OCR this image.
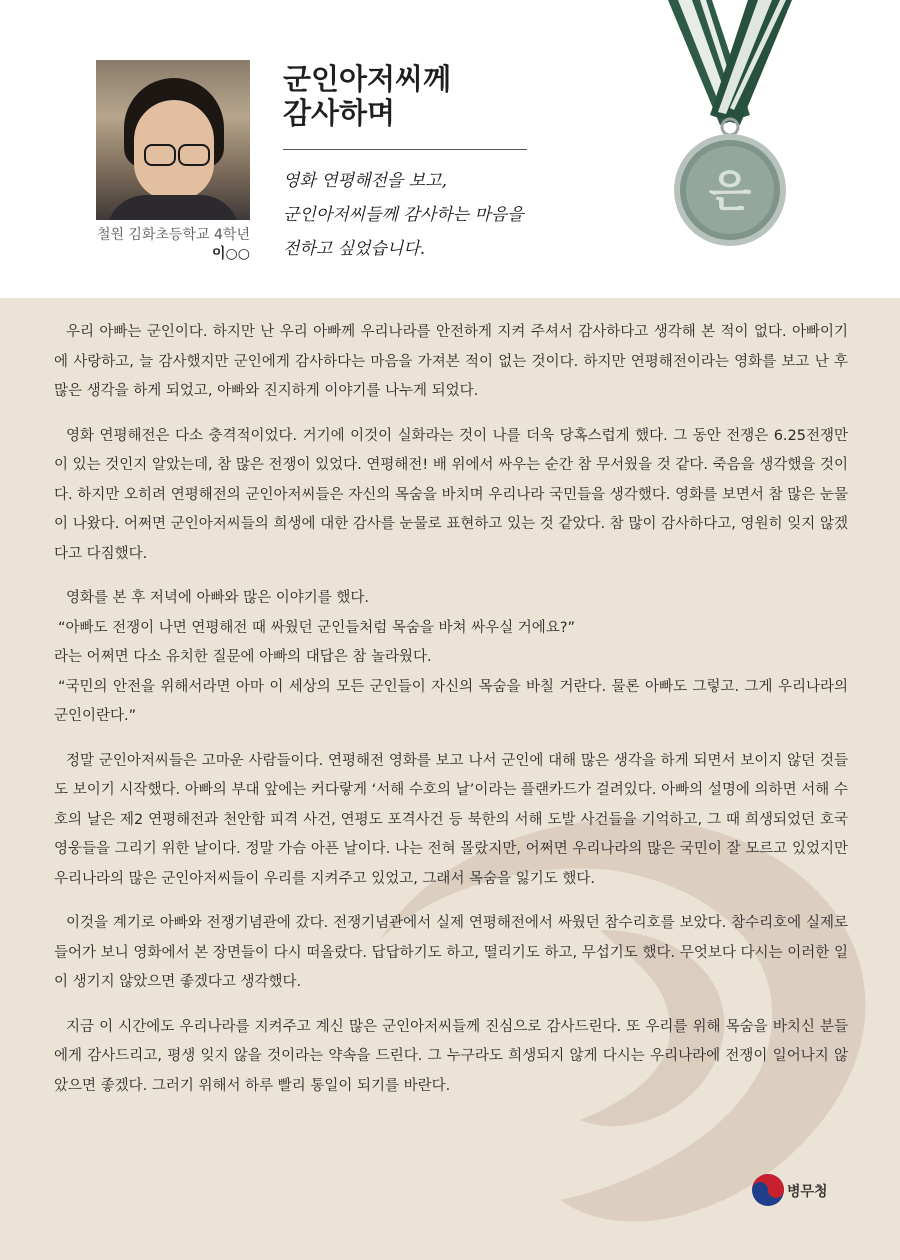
철원 김화초등학교 4학년
이○○
군인아저씨께
감사하며
영화 연평해전을 보고,
군인아저씨들께 감사하는 마음을
전하고 싶었습니다.
은

우리 아빠는 군인이다. 하지만 난 우리 아빠께 우리나라를 안전하게 지켜 주셔서 감사하다고 생각해 본 적이 없다. 아빠이기에 사랑하고, 늘 감사했지만 군인에게 감사하다는 마음을 가져본 적이 없는 것이다. 하지만 연평해전이라는 영화를 보고 난 후 많은 생각을 하게 되었고, 아빠와 진지하게 이야기를 나누게 되었다.

영화 연평해전은 다소 충격적이었다. 거기에 이것이 실화라는 것이 나를 더욱 당혹스럽게 했다. 그 동안 전쟁은 6.25전쟁만이 있는 것인지 알았는데, 참 많은 전쟁이 있었다. 연평해전! 배 위에서 싸우는 순간 참 무서웠을 것 같다. 죽음을 생각했을 것이다. 하지만 오히려 연평해전의 군인아저씨들은 자신의 목숨을 바치며 우리나라 국민들을 생각했다. 영화를 보면서 참 많은 눈물이 나왔다. 어쩌면 군인아저씨들의 희생에 대한 감사를 눈물로 표현하고 있는 것 같았다. 참 많이 감사하다고, 영원히 잊지 않겠다고 다짐했다.

영화를 본 후 저녁에 아빠와 많은 이야기를 했다.

“아빠도 전쟁이 나면 연평해전 때 싸웠던 군인들처럼 목숨을 바쳐 싸우실 거에요?”

라는 어쩌면 다소 유치한 질문에 아빠의 대답은 참 놀라웠다.

“국민의 안전을 위해서라면 아마 이 세상의 모든 군인들이 자신의 목숨을 바칠 거란다. 물론 아빠도 그렇고. 그게 우리나라의 군인이란다.”

정말 군인아저씨들은 고마운 사람들이다. 연평해전 영화를 보고 나서 군인에 대해 많은 생각을 하게 되면서 보이지 않던 것들도 보이기 시작했다. 아빠의 부대 앞에는 커다랗게 ‘서해 수호의 날’이라는 플랜카드가 걸려있다. 아빠의 설명에 의하면 서해 수호의 날은 제2 연평해전과 천안함 피격 사건, 연평도 포격사건 등 북한의 서해 도발 사건들을 기억하고, 그 때 희생되었던 호국영웅들을 그리기 위한 날이다. 정말 가슴 아픈 날이다. 나는 전혀 몰랐지만, 어쩌면 우리나라의 많은 국민이 잘 모르고 있었지만 우리나라의 많은 군인아저씨들이 우리를 지켜주고 있었고, 그래서 목숨을 잃기도 했다.

이것을 계기로 아빠와 전쟁기념관에 갔다. 전쟁기념관에서 실제 연평해전에서 싸웠던 참수리호를 보았다. 참수리호에 실제로 들어가 보니 영화에서 본 장면들이 다시 떠올랐다. 답답하기도 하고, 떨리기도 하고, 무섭기도 했다. 무엇보다 다시는 이러한 일이 생기지 않았으면 좋겠다고 생각했다.

지금 이 시간에도 우리나라를 지켜주고 계신 많은 군인아저씨들께 진심으로 감사드린다. 또 우리를 위해 목숨을 바치신 분들에게 감사드리고, 평생 잊지 않을 것이라는 약속을 드린다. 그 누구라도 희생되지 않게 다시는 우리나라에 전쟁이 일어나지 않았으면 좋겠다. 그러기 위해서 하루 빨리 통일이 되기를 바란다.

병무청
